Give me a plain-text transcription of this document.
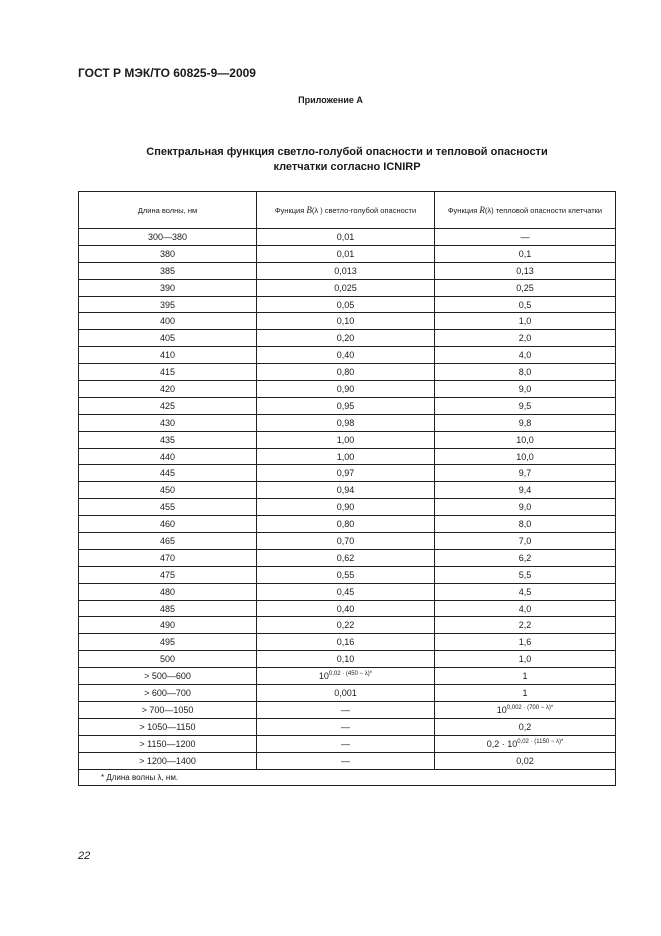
ГОСТ Р МЭК/ТО 60825-9—2009
Приложение А
Спектральная функция светло-голубой опасности и тепловой опасности
клетчатки согласно ICNIRP
Длина волны, нм	Функция B(λ ) светло-голубой опасности	Функция R(λ) тепловой опасности клетчатки
300—380	0,01	—
380	0,01	0,1
385	0,013	0,13
390	0,025	0,25
395	0,05	0,5
400	0,10	1,0
405	0,20	2,0
410	0,40	4,0
415	0,80	8,0
420	0,90	9,0
425	0,95	9,5
430	0,98	9,8
435	1,00	10,0
440	1,00	10,0
445	0,97	9,7
450	0,94	9,4
455	0,90	9,0
460	0,80	8,0
465	0,70	7,0
470	0,62	6,2
475	0,55	5,5
480	0,45	4,5
485	0,40	4,0
490	0,22	2,2
495	0,16	1,6
500	0,10	1,0
> 500—600	$10^{0,02 \cdot (450 - \lambda)*}$	1
> 600—700	0,001	1
> 700—1050	—	$10^{0,002 \cdot (700 - \lambda)*}$
> 1050—1150	—	0,2
> 1150—1200	—	$0,2 \cdot 10^{0,02 \cdot (1150 - \lambda)*}$
> 1200—1400	—	0,02
* Длина волны λ, нм.		
22
